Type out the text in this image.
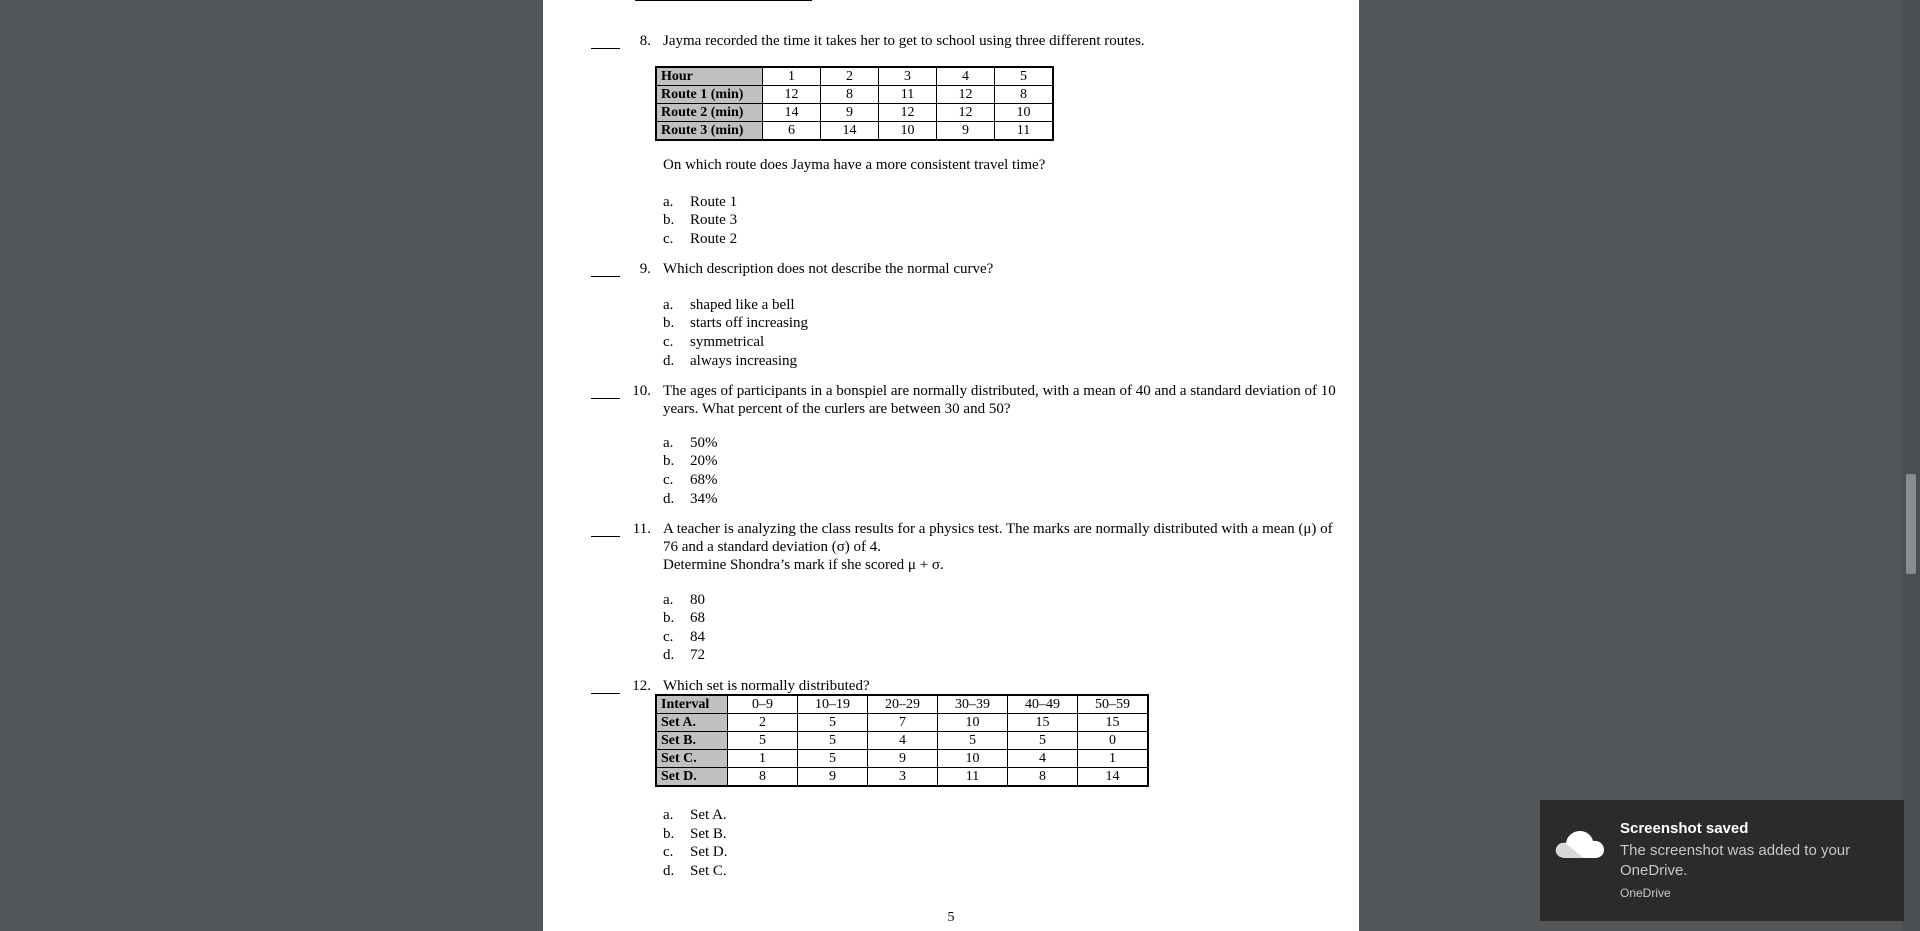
8. Jayma recorded the time it takes her to get to school using three different routes.
Hour	1	2	3	4	5
Route 1 (min)	12	8	11	12	8
Route 2 (min)	14	9	12	12	10
Route 3 (min)	6	14	10	9	11
On which route does Jayma have a more consistent travel time?
a. Route 1
b. Route 3
c. Route 2
9. Which description does not describe the normal curve?
a. shaped like a bell
b. starts off increasing
c. symmetrical
d. always increasing
10. The ages of participants in a bonspiel are normally distributed, with a mean of 40 and a standard deviation of 10
years. What percent of the curlers are between 30 and 50?
a. 50%
b. 20%
c. 68%
d. 34%
11. A teacher is analyzing the class results for a physics test. The marks are normally distributed with a mean (μ) of
76 and a standard deviation (σ) of 4.
Determine Shondra’s mark if she scored μ + σ.
a. 80
b. 68
c. 84
d. 72
12. Which set is normally distributed?
Interval	0–9	10–19	20–29	30–39	40–49	50–59
Set A.	2	5	7	10	15	15
Set B.	5	5	4	5	5	0
Set C.	1	5	9	10	4	1
Set D.	8	9	3	11	8	14
a. Set A.
b. Set B.
c. Set D.
d. Set C.
5
Screenshot saved
The screenshot was added to your OneDrive.
OneDrive
